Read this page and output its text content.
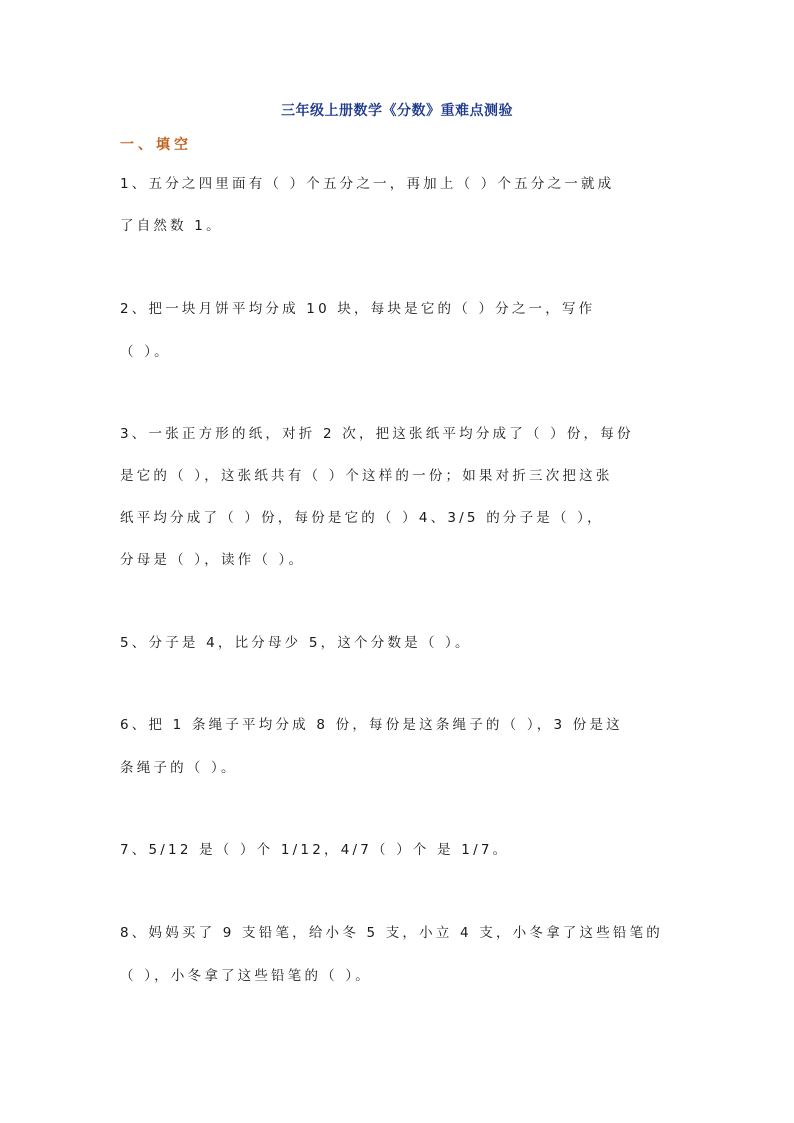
三年级上册数学《分数》重难点测验
一、填空
1、五分之四里面有（ ）个五分之一，再加上（ ）个五分之一就成
了自然数 1。
2、把一块月饼平均分成 10 块，每块是它的（ ）分之一，写作
（ ）。
3、一张正方形的纸，对折 2 次，把这张纸平均分成了（ ）份，每份
是它的（ ），这张纸共有（ ）个这样的一份；如果对折三次把这张
纸平均分成了（ ）份，每份是它的（ ）4、3/5 的分子是（ ），
分母是（ ），读作（ ）。
5、分子是 4，比分母少 5，这个分数是（ ）。
6、把 1 条绳子平均分成 8 份，每份是这条绳子的（ ），3 份是这
条绳子的（ ）。
7、5/12 是（ ）个 1/12，4/7（ ）个 是 1/7。
8、妈妈买了 9 支铅笔，给小冬 5 支，小立 4 支，小冬拿了这些铅笔的
（ ），小冬拿了这些铅笔的（ ）。
